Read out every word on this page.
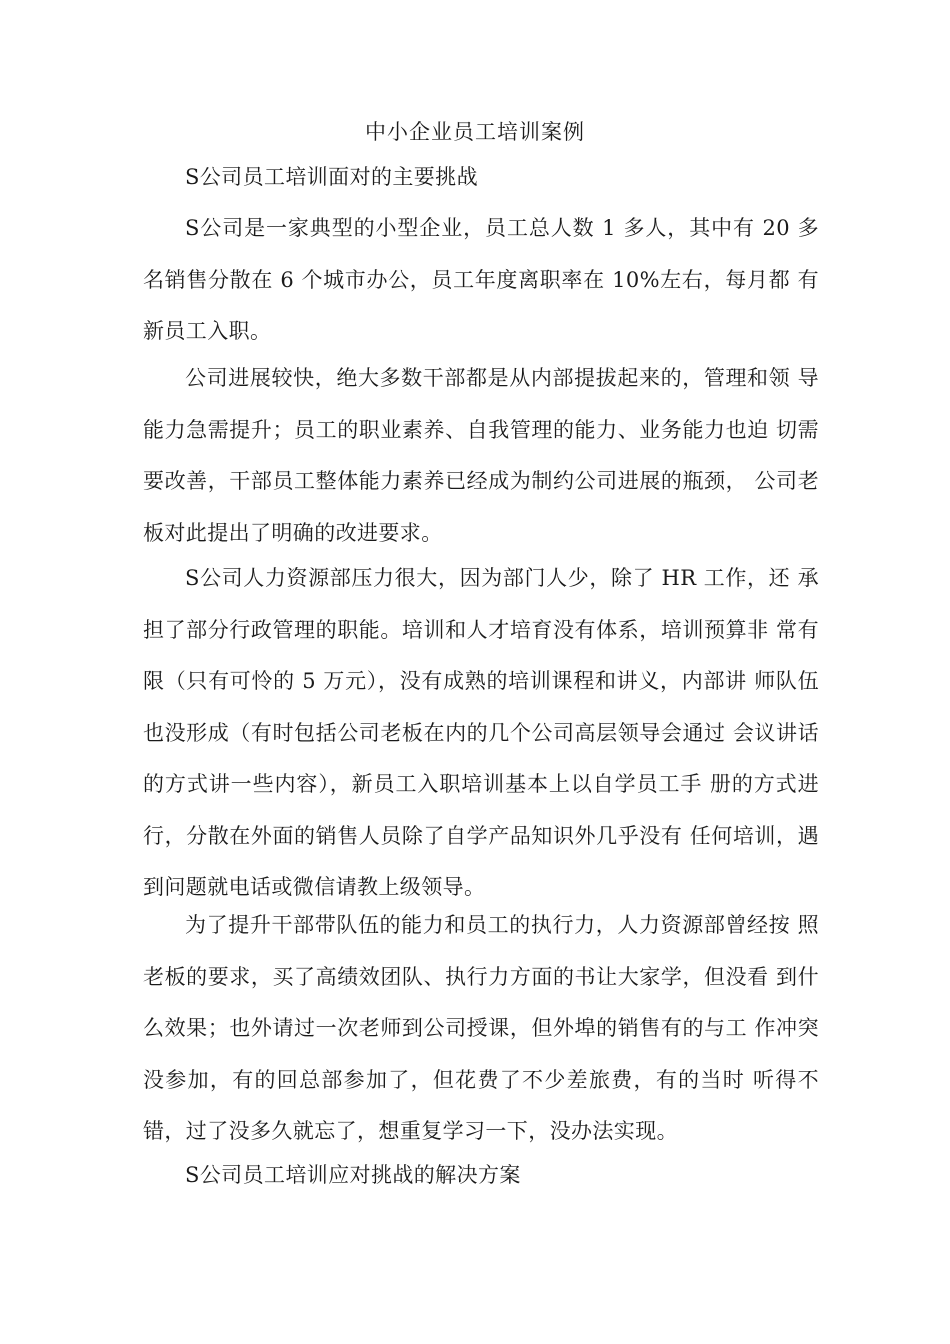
中小企业员工培训案例

S公司员工培训面对的主要挑战

S公司是一家典型的小型企业，员工总人数 1 多人，其中有 20 多名销售分散在 6 个城市办公，员工年度离职率在 10%左右，每月都 有新员工入职。

公司进展较快，绝大多数干部都是从内部提拔起来的，管理和领 导能力急需提升；员工的职业素养、自我管理的能力、业务能力也迫 切需要改善，干部员工整体能力素养已经成为制约公司进展的瓶颈， 公司老板对此提出了明确的改进要求。

S公司人力资源部压力很大，因为部门人少，除了 HR 工作，还 承担了部分行政管理的职能。培训和人才培育没有体系，培训预算非 常有限（只有可怜的 5 万元），没有成熟的培训课程和讲义，内部讲 师队伍也没形成（有时包括公司老板在内的几个公司高层领导会通过 会议讲话的方式讲一些内容），新员工入职培训基本上以自学员工手 册的方式进行，分散在外面的销售人员除了自学产品知识外几乎没有 任何培训，遇到问题就电话或微信请教上级领导。

为了提升干部带队伍的能力和员工的执行力，人力资源部曾经按 照老板的要求，买了高绩效团队、执行力方面的书让大家学，但没看 到什么效果；也外请过一次老师到公司授课，但外埠的销售有的与工 作冲突没参加，有的回总部参加了，但花费了不少差旅费，有的当时 听得不错，过了没多久就忘了，想重复学习一下，没办法实现。

S公司员工培训应对挑战的解决方案
